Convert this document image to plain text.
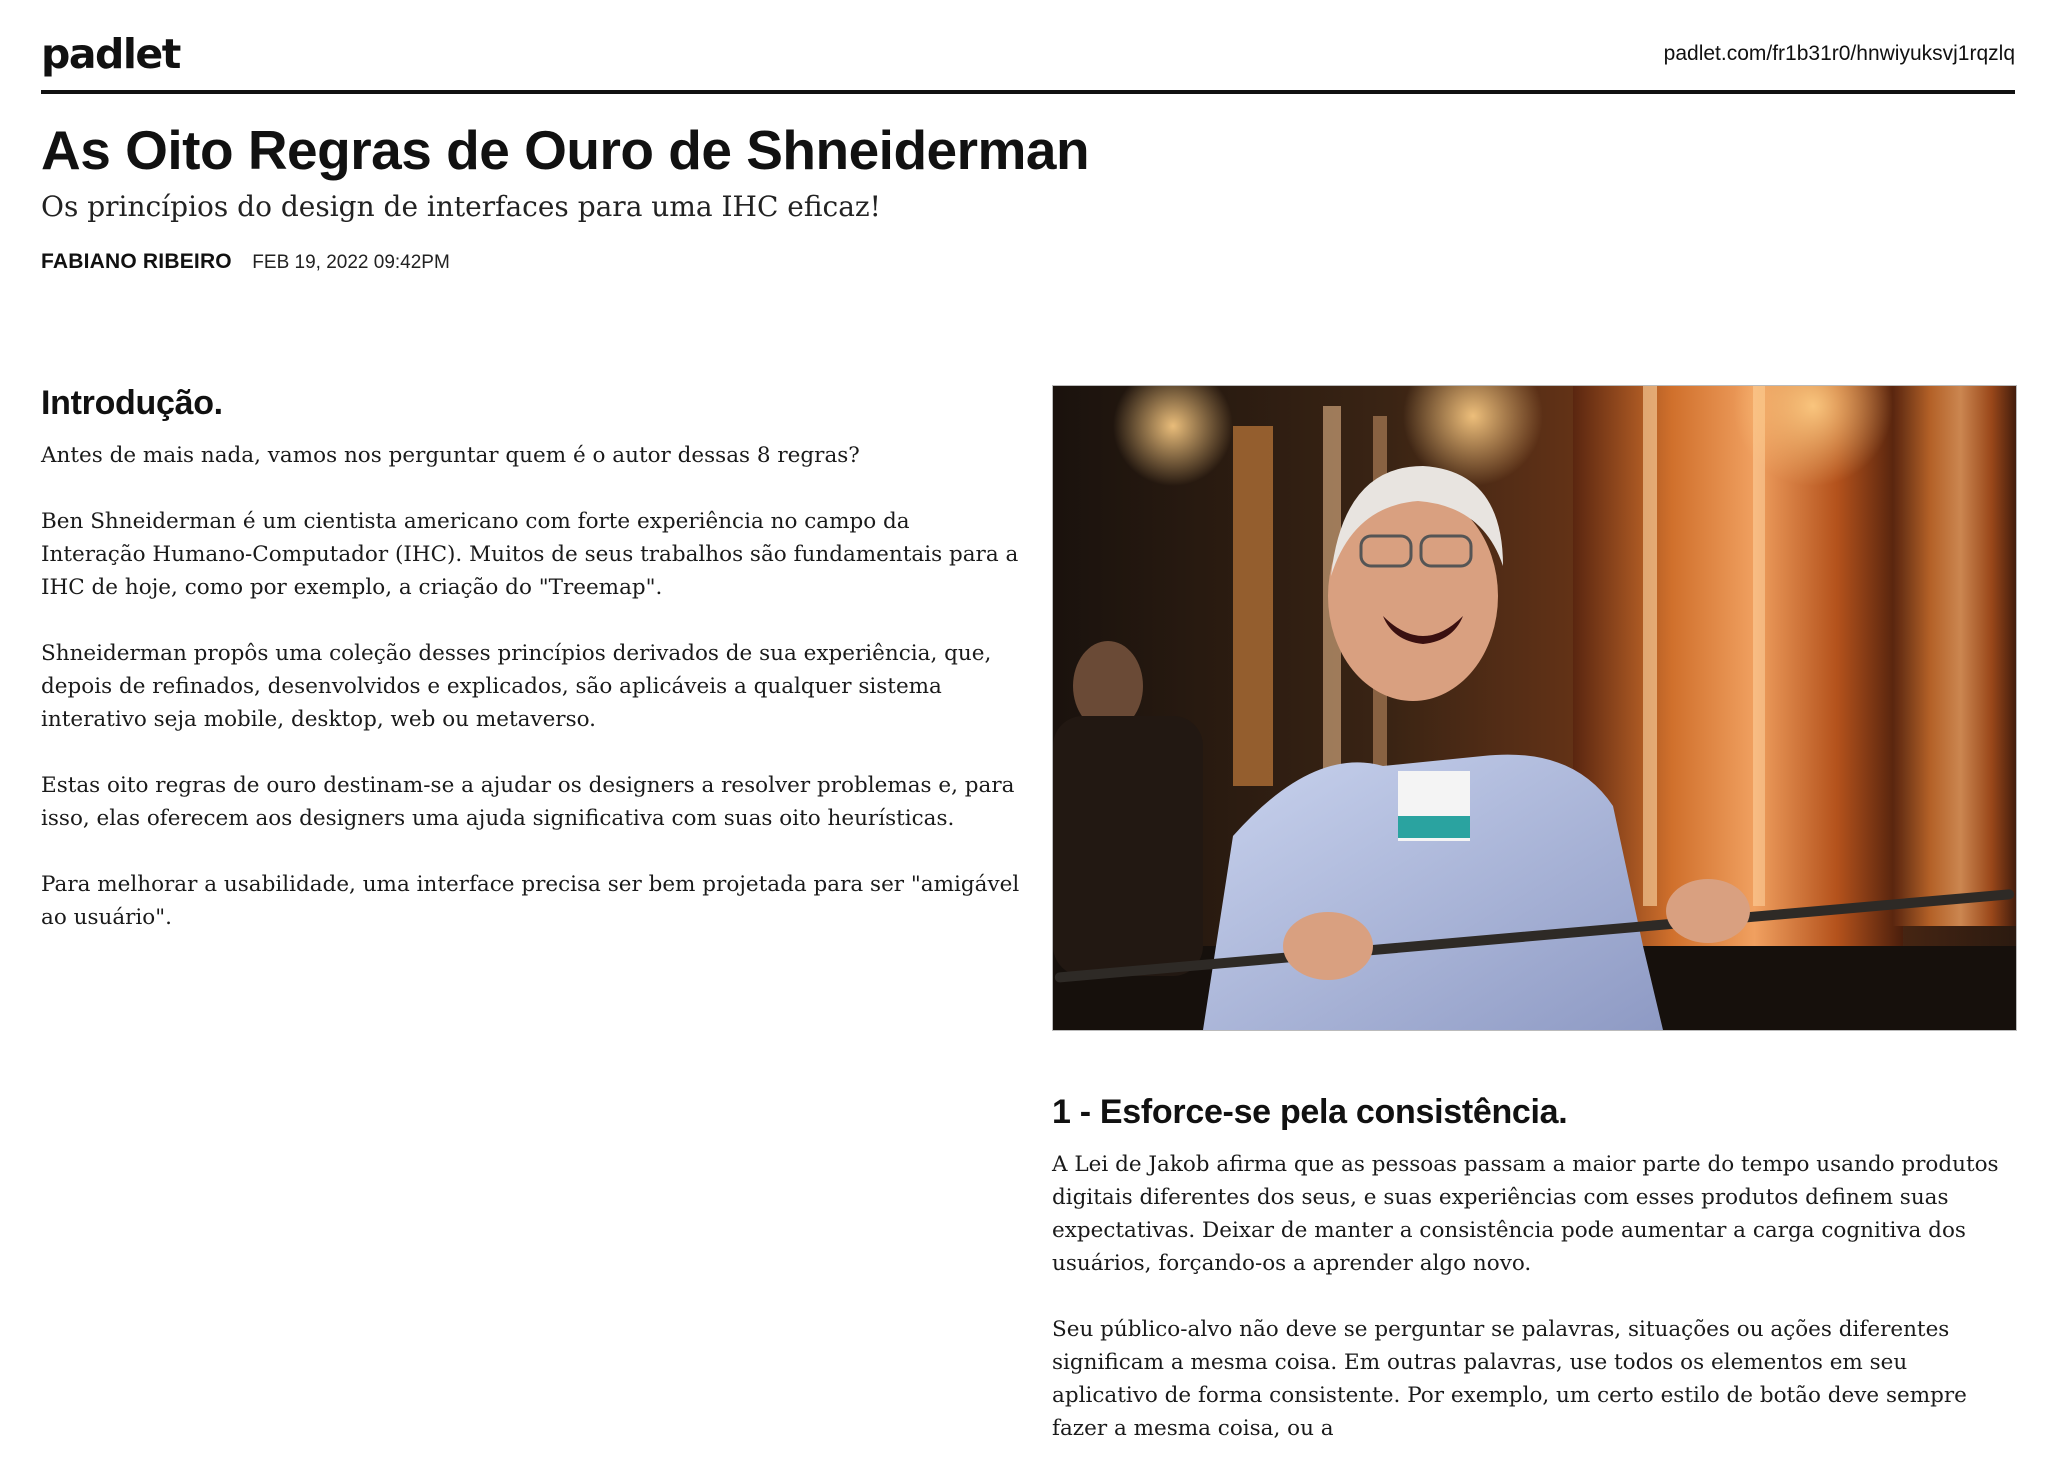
padlet	padlet.com/fr1b31r0/hnwiyuksvj1rqzlq
As Oito Regras de Ouro de Shneiderman
Os princípios do design de interfaces para uma IHC eficaz!
FABIANO RIBEIRO FEB 19, 2022 09:42PM
Introdução.

Antes de mais nada, vamos nos perguntar quem é o autor dessas 8 regras?

Ben Shneiderman é um cientista americano com forte experiência no campo da Interação Humano-Computador (IHC). Muitos de seus trabalhos são fundamentais para a IHC de hoje, como por exemplo, a criação do "Treemap".

Shneiderman propôs uma coleção desses princípios derivados de sua experiência, que, depois de refinados, desenvolvidos e explicados, são aplicáveis a qualquer sistema interativo seja mobile, desktop, web ou metaverso.

Estas oito regras de ouro destinam-se a ajudar os designers a resolver problemas e, para isso, elas oferecem aos designers uma ajuda significativa com suas oito heurísticas.

Para melhorar a usabilidade, uma interface precisa ser bem projetada para ser "amigável ao usuário".

1 - Esforce-se pela consistência.

A Lei de Jakob afirma que as pessoas passam a maior parte do tempo usando produtos digitais diferentes dos seus, e suas experiências com esses produtos definem suas expectativas. Deixar de manter a consistência pode aumentar a carga cognitiva dos usuários, forçando-os a aprender algo novo.

Seu público-alvo não deve se perguntar se palavras, situações ou ações diferentes significam a mesma coisa. Em outras palavras, use todos os elementos em seu aplicativo de forma consistente. Por exemplo, um certo estilo de botão deve sempre fazer a mesma coisa, ou a
